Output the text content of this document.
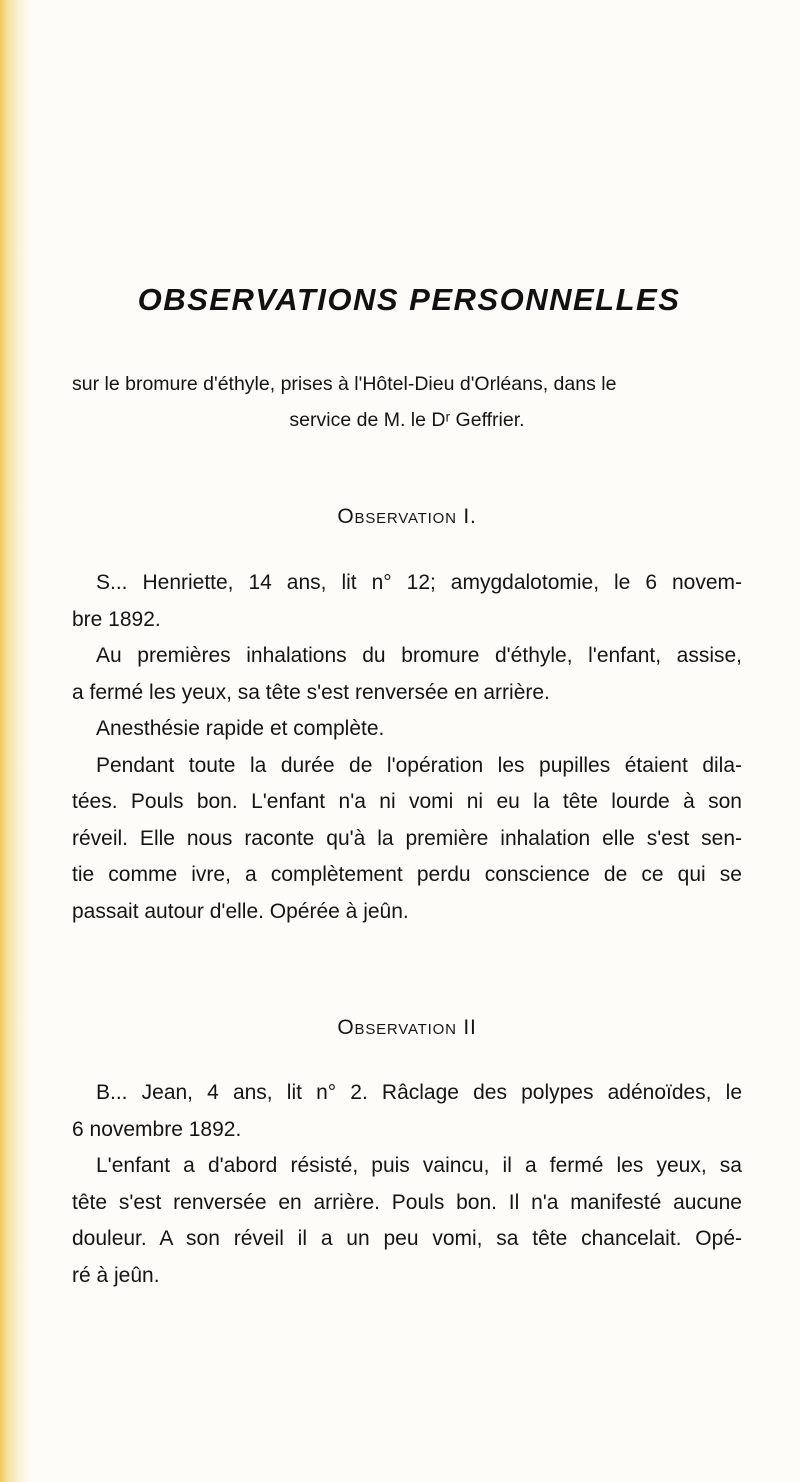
OBSERVATIONS PERSONNELLES
sur le bromure d'éthyle, prises à l'Hôtel-Dieu d'Orléans, dans le
service de M. le Dʳ Geffrier.
Observation I.
S... Henriette, 14 ans, lit n° 12; amygdalotomie, le 6 novem-
bre 1892.
Au premières inhalations du bromure d'éthyle, l'enfant, assise,
a fermé les yeux, sa tête s'est renversée en arrière.
Anesthésie rapide et complète.
Pendant toute la durée de l'opération les pupilles étaient dila-
tées. Pouls bon. L'enfant n'a ni vomi ni eu la tête lourde à son
réveil. Elle nous raconte qu'à la première inhalation elle s'est sen-
tie comme ivre, a complètement perdu conscience de ce qui se
passait autour d'elle. Opérée à jeûn.
Observation II
B... Jean, 4 ans, lit n° 2. Râclage des polypes adénoïdes, le
6 novembre 1892.
L'enfant a d'abord résisté, puis vaincu, il a fermé les yeux, sa
tête s'est renversée en arrière. Pouls bon. Il n'a manifesté aucune
douleur. A son réveil il a un peu vomi, sa tête chancelait. Opé-
ré à jeûn.
